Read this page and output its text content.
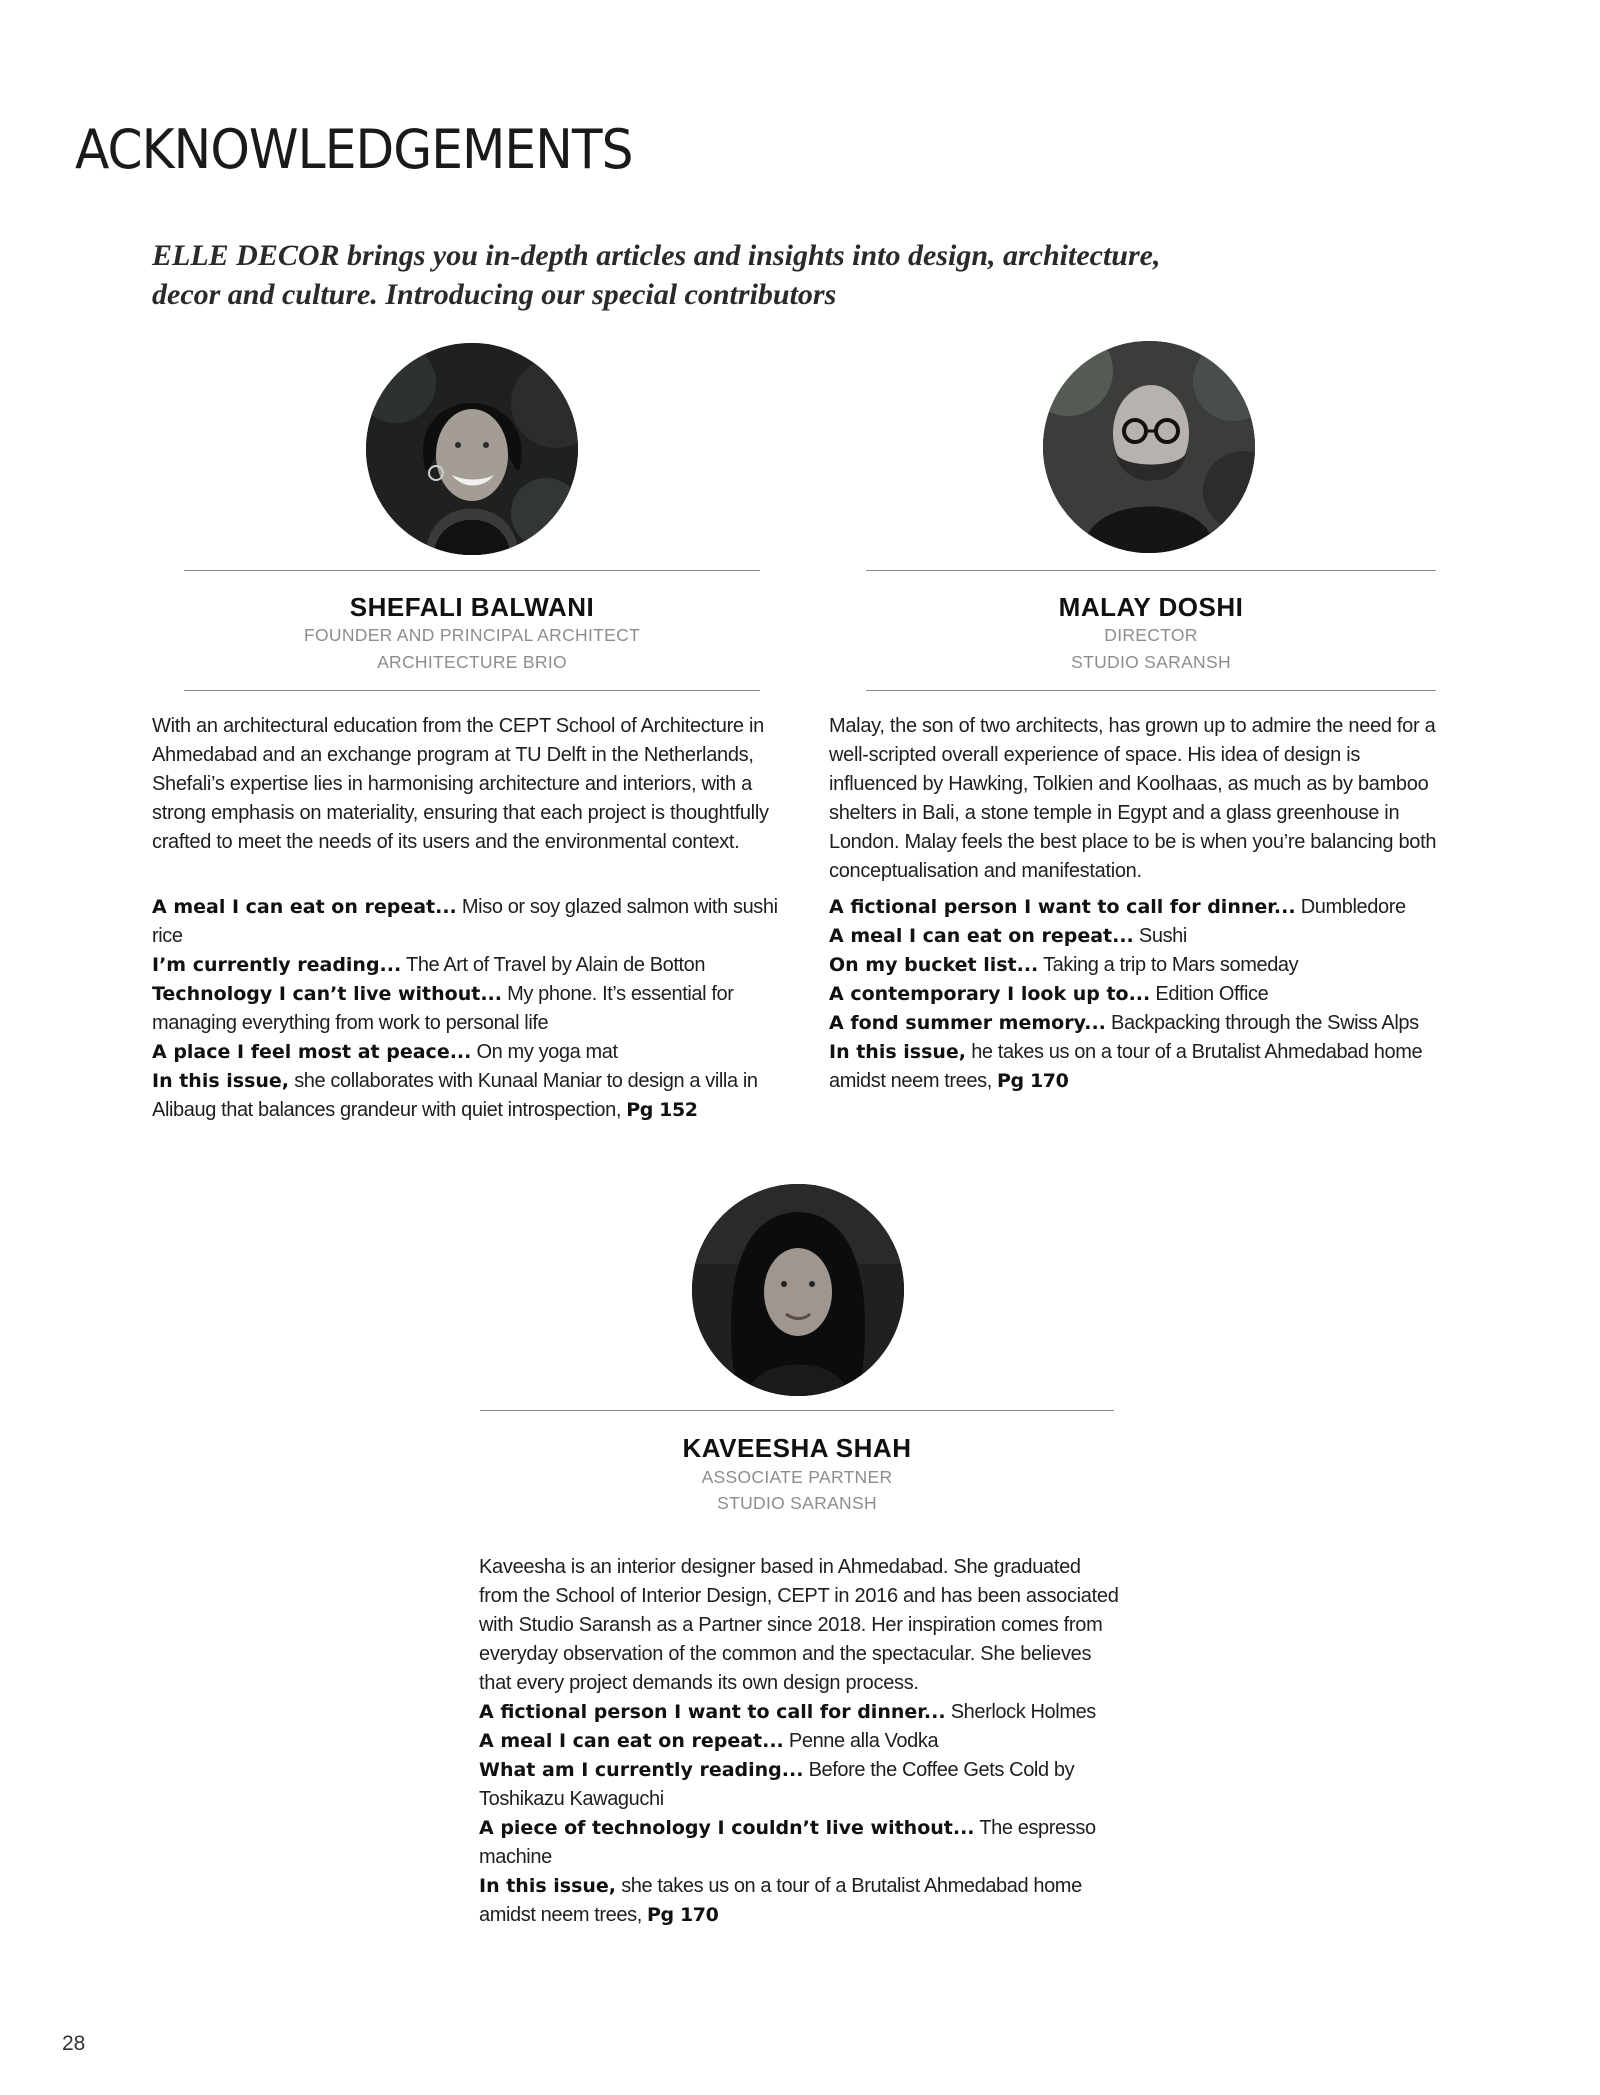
ACKNOWLEDGEMENTS

ELLE DECOR brings you in-depth articles and insights into design, architecture,
decor and culture. Introducing our special contributors

SHEFALI BALWANI
FOUNDER AND PRINCIPAL ARCHITECT
ARCHITECTURE BRIO

With an architectural education from the CEPT School of Architecture in Ahmedabad and an exchange program at TU Delft in the Netherlands, Shefali’s expertise lies in harmonising architecture and interiors, with a strong emphasis on materiality, ensuring that each project is thoughtfully crafted to meet the needs of its users and the environmental context.

A meal I can eat on repeat... Miso or soy glazed salmon with sushi rice
I’m currently reading... The Art of Travel by Alain de Botton
Technology I can’t live without... My phone. It’s essential for managing everything from work to personal life
A place I feel most at peace... On my yoga mat
In this issue, she collaborates with Kunaal Maniar to design a villa in Alibaug that balances grandeur with quiet introspection, Pg 152
MALAY DOSHI
DIRECTOR
STUDIO SARANSH

Malay, the son of two architects, has grown up to admire the need for a well-scripted overall experience of space. His idea of design is influenced by Hawking, Tolkien and Koolhaas, as much as by bamboo shelters in Bali, a stone temple in Egypt and a glass greenhouse in London. Malay feels the best place to be is when you’re balancing both conceptualisation and manifestation.

A fictional person I want to call for dinner... Dumbledore
A meal I can eat on repeat... Sushi
On my bucket list... Taking a trip to Mars someday
A contemporary I look up to... Edition Office
A fond summer memory... Backpacking through the Swiss Alps
In this issue, he takes us on a tour of a Brutalist Ahmedabad home amidst neem trees, Pg 170
KAVEESHA SHAH
ASSOCIATE PARTNER
STUDIO SARANSH

Kaveesha is an interior designer based in Ahmedabad. She graduated from the School of Interior Design, CEPT in 2016 and has been associated with Studio Saransh as a Partner since 2018. Her inspiration comes from everyday observation of the common and the spectacular. She believes that every project demands its own design process.

A fictional person I want to call for dinner... Sherlock Holmes
A meal I can eat on repeat... Penne alla Vodka
What am I currently reading... Before the Coffee Gets Cold by Toshikazu Kawaguchi
A piece of technology I couldn’t live without... The espresso machine
In this issue, she takes us on a tour of a Brutalist Ahmedabad home amidst neem trees, Pg 170
28
